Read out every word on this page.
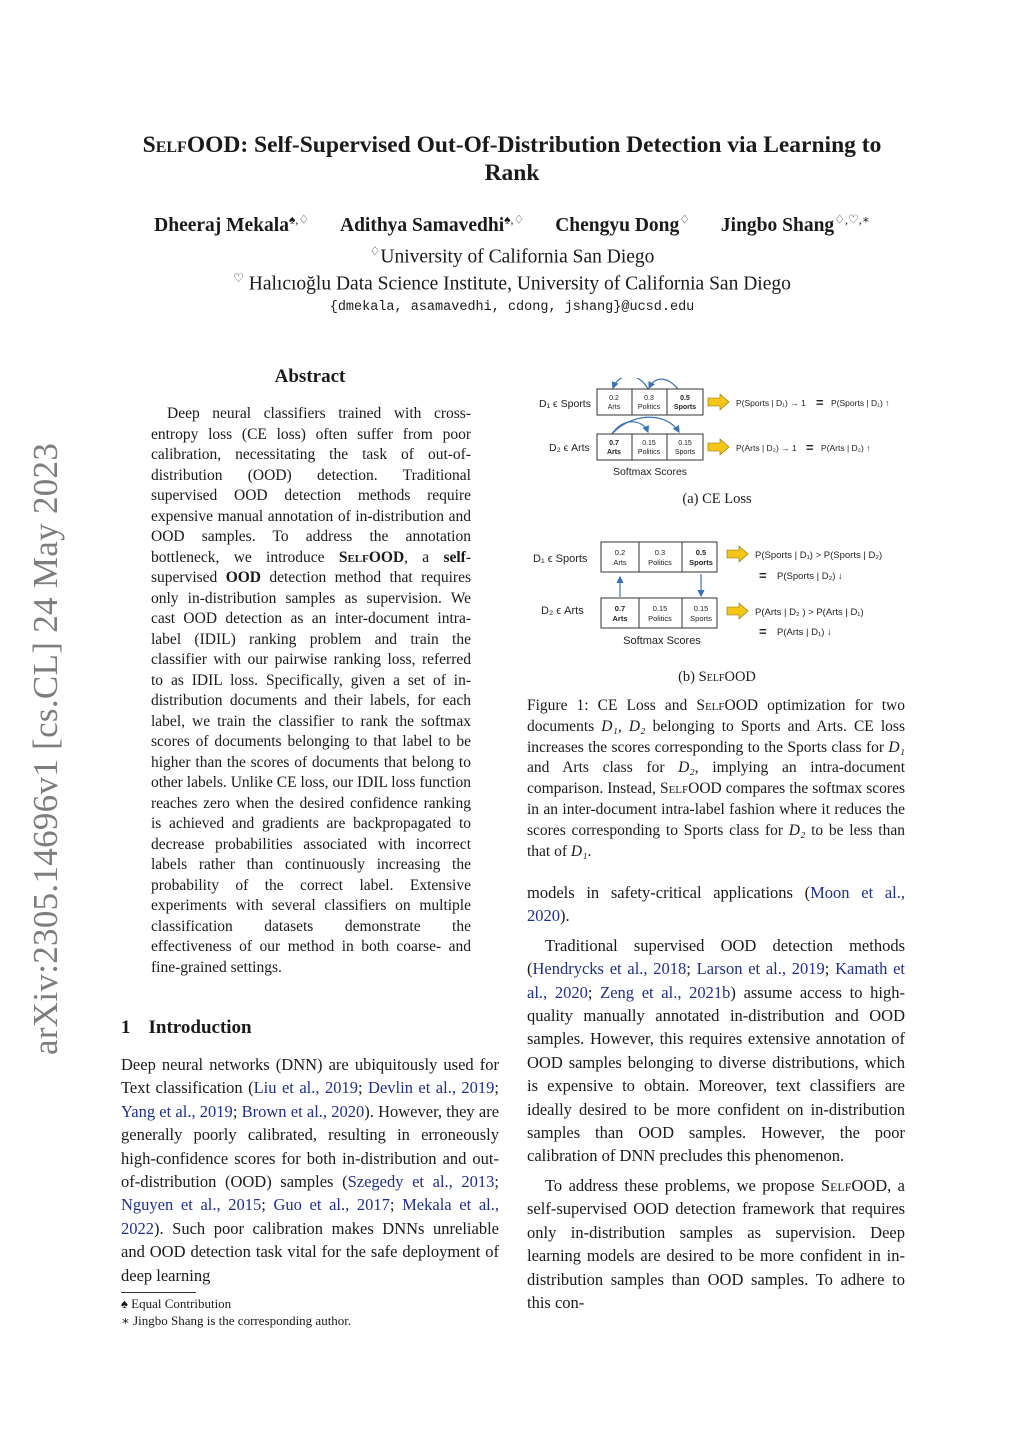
arXiv:2305.14696v1 [cs.CL] 24 May 2023
SelfOOD: Self-Supervised Out-Of-Distribution Detection via Learning to
Rank
Dheeraj Mekala♠,♢ Adithya Samavedhi♠,♢ Chengyu Dong♢ Jingbo Shang♢,♡,∗
♢University of California San Diego
♡ Halıcıoğlu Data Science Institute, University of California San Diego
{dmekala, asamavedhi, cdong, jshang}@ucsd.edu
Abstract
Deep neural classifiers trained with cross-entropy loss (CE loss) often suffer from poor calibration, necessitating the task of out-of-distribution (OOD) detection. Traditional supervised OOD detection methods require expensive manual annotation of in-distribution and OOD samples. To address the annotation bottleneck, we introduce SelfOOD, a self-supervised OOD detection method that requires only in-distribution samples as supervision. We cast OOD detection as an inter-document intra-label (IDIL) ranking problem and train the classifier with our pairwise ranking loss, referred to as IDIL loss. Specifically, given a set of in-distribution documents and their labels, for each label, we train the classifier to rank the softmax scores of documents belonging to that label to be higher than the scores of documents that belong to other labels. Unlike CE loss, our IDIL loss function reaches zero when the desired confidence ranking is achieved and gradients are backpropagated to decrease probabilities associated with incorrect labels rather than continuously increasing the probability of the correct label. Extensive experiments with several classifiers on multiple classification datasets demonstrate the effectiveness of our method in both coarse- and fine-grained settings.
1 Introduction
Deep neural networks (DNN) are ubiquitously used for Text classification (Liu et al., 2019; Devlin et al., 2019; Yang et al., 2019; Brown et al., 2020). However, they are generally poorly calibrated, resulting in erroneously high-confidence scores for both in-distribution and out-of-distribution (OOD) samples (Szegedy et al., 2013; Nguyen et al., 2015; Guo et al., 2017; Mekala et al., 2022). Such poor calibration makes DNNs unreliable and OOD detection task vital for the safe deployment of deep learning
♠ Equal Contribution
∗ Jingbo Shang is the corresponding author.
D₁ ϵ Sports
D₂ ϵ Arts
0.2
Arts
0.3
Politics
0.5
Sports
0.7
Arts
0.15
Politics
0.15
Sports
Softmax Scores
P(Sports | D₁) → 1 = P(Sports | D₁) ↑
P(Arts | D₂) → 1 = P(Arts | D₂) ↑
D₁ ϵ Sports
D₂ ϵ Arts
0.2
Arts
0.3
Politics
0.5
Sports
0.7
Arts
0.15
Politics
0.15
Sports
Softmax Scores
P(Sports | D₁) > P(Sports | D₂)
= P(Sports | D₂) ↓
P(Arts | D₂ ) > P(Arts | D₁)
= P(Arts | D₁) ↓
(a) CE Loss
(b) SelfOOD
Figure 1: CE Loss and SelfOOD optimization for two documents D₁, D₂ belonging to Sports and Arts. CE loss increases the scores corresponding to the Sports class for D₁ and Arts class for D₂, implying an intra-document comparison. Instead, SelfOOD compares the softmax scores in an inter-document intra-label fashion where it reduces the scores corresponding to Sports class for D₂ to be less than that of D₁.

models in safety-critical applications (Moon et al., 2020).

Traditional supervised OOD detection methods (Hendrycks et al., 2018; Larson et al., 2019; Kamath et al., 2020; Zeng et al., 2021b) assume access to high-quality manually annotated in-distribution and OOD samples. However, this requires extensive annotation of OOD samples belonging to diverse distributions, which is expensive to obtain. Moreover, text classifiers are ideally desired to be more confident on in-distribution samples than OOD samples. However, the poor calibration of DNN precludes this phenomenon.

To address these problems, we propose SelfOOD, a self-supervised OOD detection framework that requires only in-distribution samples as supervision. Deep learning models are desired to be more confident in in-distribution samples than OOD samples. To adhere to this con-
